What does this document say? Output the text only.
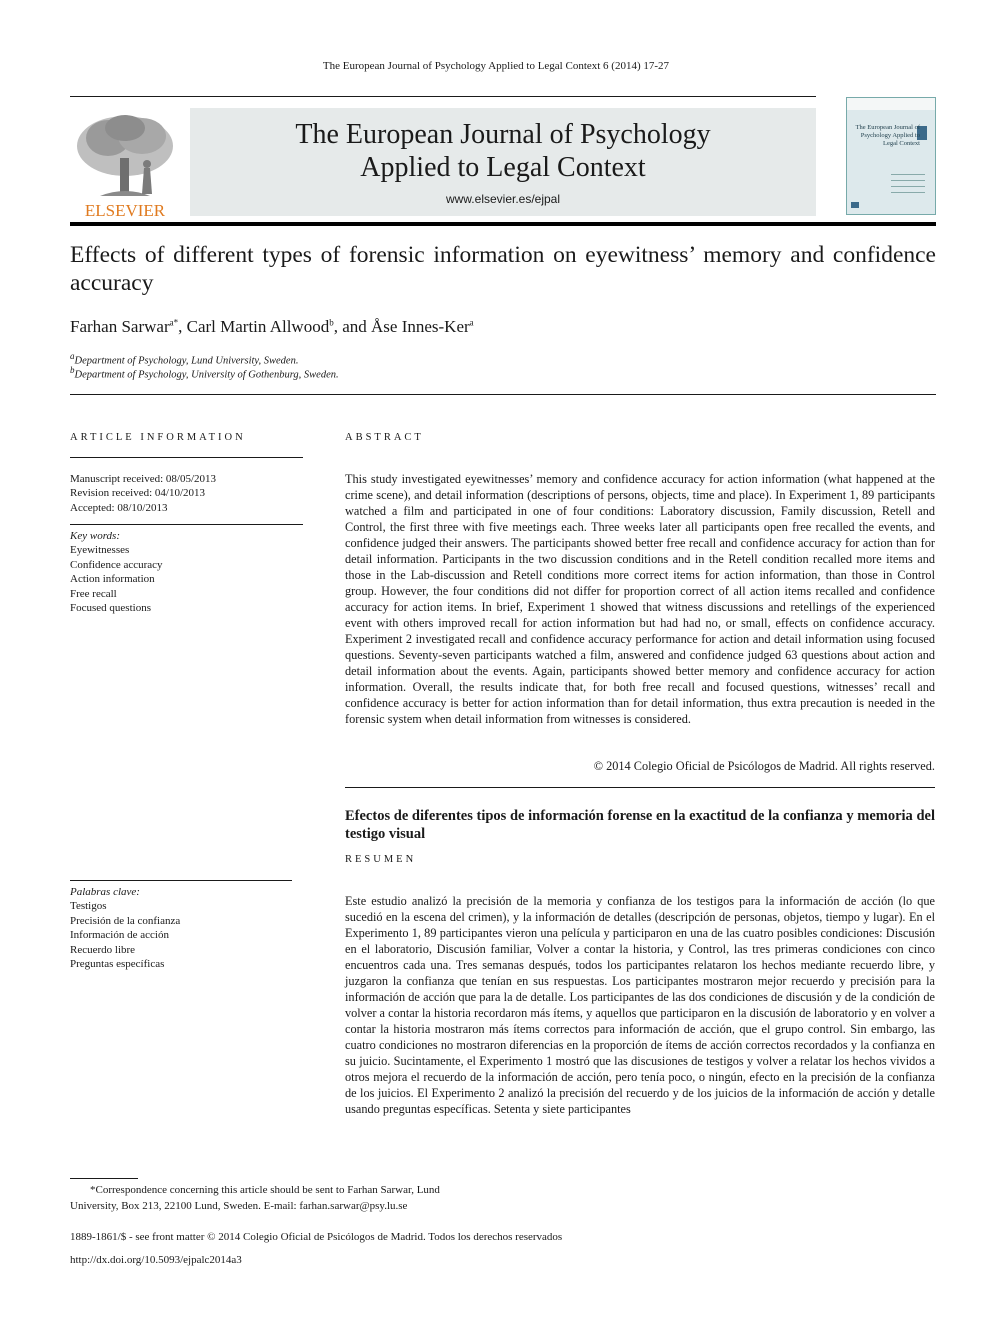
The European Journal of Psychology Applied to Legal Context 6 (2014) 17-27
ELSEVIER
The European Journal of Psychology
Applied to Legal Context
www.elsevier.es/ejpal
The European Journal of Psychology Applied to Legal Context
Effects of different types of forensic information on eyewitness’ memory and confidence accuracy
Farhan Sarwar$^{a*}$, Carl Martin Allwood$^b$, and Åse Innes-Ker$^a$
$^a$Department of Psychology, Lund University, Sweden.
$^b$Department of Psychology, University of Gothenburg, Sweden.
ARTICLE INFORMATION
Manuscript received: 08/05/2013
Revision received: 04/10/2013
Accepted: 08/10/2013
Key words:
Eyewitnesses
Confidence accuracy
Action information
Free recall
Focused questions
Palabras clave:
Testigos
Precisión de la confianza
Información de acción
Recuerdo libre
Preguntas específicas
ABSTRACT
This study investigated eyewitnesses’ memory and confidence accuracy for action information (what happened at the crime scene), and detail information (descriptions of persons, objects, time and place). In Experiment 1, 89 participants watched a film and participated in one of four conditions: Laboratory discussion, Family discussion, Retell and Control, the first three with five meetings each. Three weeks later all participants open free recalled the events, and confidence judged their answers. The participants showed better free recall and confidence accuracy for action than for detail information. Participants in the two discussion conditions and in the Retell condition recalled more items and those in the Lab-discussion and Retell conditions more correct items for action information, than those in Control group. However, the four conditions did not differ for proportion correct of all action items recalled and confidence accuracy for action items. In brief, Experiment 1 showed that witness discussions and retellings of the experienced event with others improved recall for action information but had had no, or small, effects on confidence accuracy. Experiment 2 investigated recall and confidence accuracy performance for action and detail information using focused questions. Seventy-seven participants watched a film, answered and confidence judged 63 questions about action and detail information about the events. Again, participants showed better memory and confidence accuracy for action information. Overall, the results indicate that, for both free recall and focused questions, witnesses’ recall and confidence accuracy is better for action information than for detail information, thus extra precaution is needed in the forensic system when detail information from witnesses is considered.
© 2014 Colegio Oficial de Psicólogos de Madrid. All rights reserved.
Efectos de diferentes tipos de información forense en la exactitud de la confianza y memoria del testigo visual
RESUMEN
Este estudio analizó la precisión de la memoria y confianza de los testigos para la información de acción (lo que sucedió en la escena del crimen), y la información de detalles (descripción de personas, objetos, tiempo y lugar). En el Experimento 1, 89 participantes vieron una película y participaron en una de las cuatro posibles condiciones: Discusión en el laboratorio, Discusión familiar, Volver a contar la historia, y Control, las tres primeras condiciones con cinco encuentros cada una. Tres semanas después, todos los participantes relataron los hechos mediante recuerdo libre, y juzgaron la confianza que tenían en sus respuestas. Los participantes mostraron mejor recuerdo y precisión para la información de acción que para la de detalle. Los participantes de las dos condiciones de discusión y de la condición de volver a contar la historia recordaron más ítems, y aquellos que participaron en la discusión de laboratorio y en volver a contar la historia mostraron más ítems correctos para información de acción, que el grupo control. Sin embargo, las cuatro condiciones no mostraron diferencias en la proporción de ítems de acción correctos recordados y la confianza en su juicio. Sucintamente, el Experimento 1 mostró que las discusiones de testigos y volver a relatar los hechos vividos a otros mejora el recuerdo de la información de acción, pero tenía poco, o ningún, efecto en la precisión de la confianza de los juicios. El Experimento 2 analizó la precisión del recuerdo y de los juicios de la información de acción y detalle usando preguntas específicas. Setenta y siete participantes
*Correspondence concerning this article should be sent to Farhan Sarwar, Lund
University, Box 213, 22100 Lund, Sweden. E-mail: farhan.sarwar@psy.lu.se
1889-1861/$ - see front matter © 2014 Colegio Oficial de Psicólogos de Madrid. Todos los derechos reservados
http://dx.doi.org/10.5093/ejpalc2014a3
